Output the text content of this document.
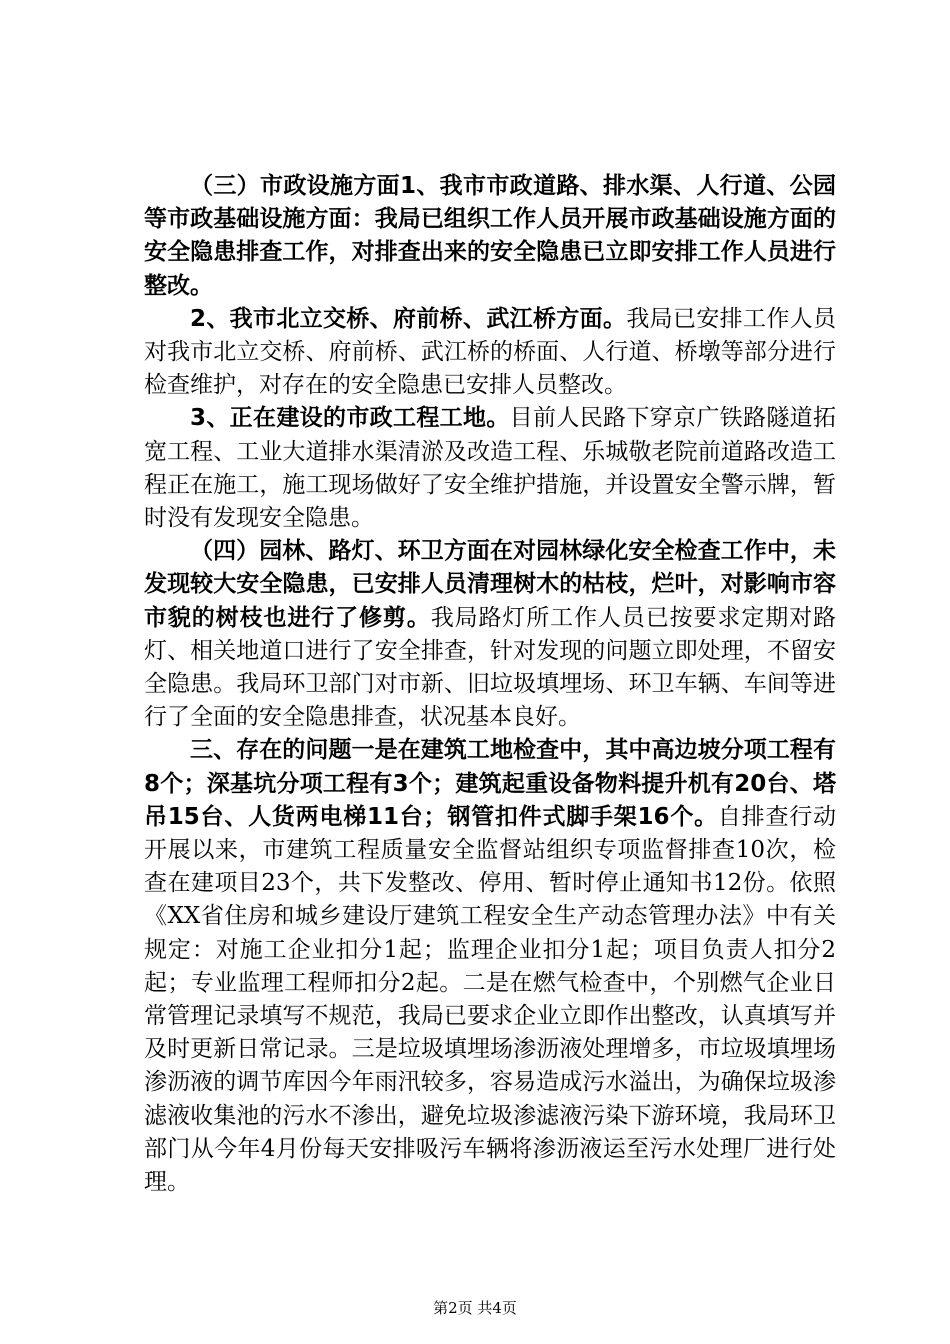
（三）市政设施方面1、我市市政道路、排水渠、人行道、公园等市政基础设施方面：我局已组织工作人员开展市政基础设施方面的安全隐患排查工作，对排查出来的安全隐患已立即安排工作人员进行整改。

2、我市北立交桥、府前桥、武江桥方面。我局已安排工作人员对我市北立交桥、府前桥、武江桥的桥面、人行道、桥墩等部分进行检查维护，对存在的安全隐患已安排人员整改。

3、正在建设的市政工程工地。目前人民路下穿京广铁路隧道拓宽工程、工业大道排水渠清淤及改造工程、乐城敬老院前道路改造工程正在施工，施工现场做好了安全维护措施，并设置安全警示牌，暂时没有发现安全隐患。

（四）园林、路灯、环卫方面在对园林绿化安全检查工作中，未发现较大安全隐患，已安排人员清理树木的枯枝，烂叶，对影响市容市貌的树枝也进行了修剪。我局路灯所工作人员已按要求定期对路灯、相关地道口进行了安全排查，针对发现的问题立即处理，不留安全隐患。我局环卫部门对市新、旧垃圾填埋场、环卫车辆、车间等进行了全面的安全隐患排查，状况基本良好。

三、存在的问题一是在建筑工地检查中，其中高边坡分项工程有8个；深基坑分项工程有3个；建筑起重设备物料提升机有20台、塔吊15台、人货两电梯11台；钢管扣件式脚手架16个。自排查行动开展以来，市建筑工程质量安全监督站组织专项监督排查10次，检查在建项目23个，共下发整改、停用、暂时停止通知书12份。依照《XX省住房和城乡建设厅建筑工程安全生产动态管理办法》中有关规定：对施工企业扣分1起；监理企业扣分1起；项目负责人扣分2起；专业监理工程师扣分2起。二是在燃气检查中，个别燃气企业日常管理记录填写不规范，我局已要求企业立即作出整改，认真填写并及时更新日常记录。三是垃圾填埋场渗沥液处理增多，市垃圾填埋场渗沥液的调节库因今年雨汛较多，容易造成污水溢出，为确保垃圾渗滤液收集池的污水不渗出，避免垃圾渗滤液污染下游环境，我局环卫部门从今年4月份每天安排吸污车辆将渗沥液运至污水处理厂进行处理。

第2页 共4页
